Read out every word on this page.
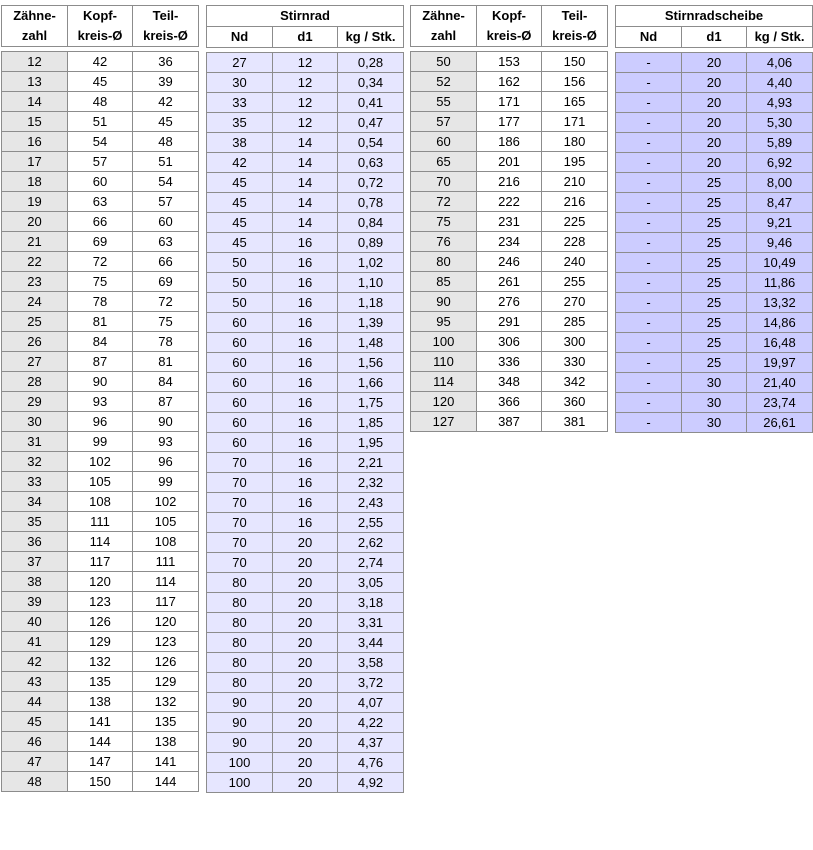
Zähne-	Kopf-	Teil-
zahl	kreis-Ø	kreis-Ø

12	42	36
13	45	39
14	48	42
15	51	45
16	54	48
17	57	51
18	60	54
19	63	57
20	66	60
21	69	63
22	72	66
23	75	69
24	78	72
25	81	75
26	84	78
27	87	81
28	90	84
29	93	87
30	96	90
31	99	93
32	102	96
33	105	99
34	108	102
35	111	105
36	114	108
37	117	111
38	120	114
39	123	117
40	126	120
41	129	123
42	132	126
43	135	129
44	138	132
45	141	135
46	144	138
47	147	141
48	150	144
Stirnrad		
Nd	d1	kg / Stk.

27	12	0,28
30	12	0,34
33	12	0,41
35	12	0,47
38	14	0,54
42	14	0,63
45	14	0,72
45	14	0,78
45	14	0,84
45	16	0,89
50	16	1,02
50	16	1,10
50	16	1,18
60	16	1,39
60	16	1,48
60	16	1,56
60	16	1,66
60	16	1,75
60	16	1,85
60	16	1,95
70	16	2,21
70	16	2,32
70	16	2,43
70	16	2,55
70	20	2,62
70	20	2,74
80	20	3,05
80	20	3,18
80	20	3,31
80	20	3,44
80	20	3,58
80	20	3,72
90	20	4,07
90	20	4,22
90	20	4,37
100	20	4,76
100	20	4,92
Zähne-	Kopf-	Teil-
zahl	kreis-Ø	kreis-Ø

50	153	150
52	162	156
55	171	165
57	177	171
60	186	180
65	201	195
70	216	210
72	222	216
75	231	225
76	234	228
80	246	240
85	261	255
90	276	270
95	291	285
100	306	300
110	336	330
114	348	342
120	366	360
127	387	381
Stirnradscheibe		
Nd	d1	kg / Stk.

-	20	4,06
-	20	4,40
-	20	4,93
-	20	5,30
-	20	5,89
-	20	6,92
-	25	8,00
-	25	8,47
-	25	9,21
-	25	9,46
-	25	10,49
-	25	11,86
-	25	13,32
-	25	14,86
-	25	16,48
-	25	19,97
-	30	21,40
-	30	23,74
-	30	26,61
